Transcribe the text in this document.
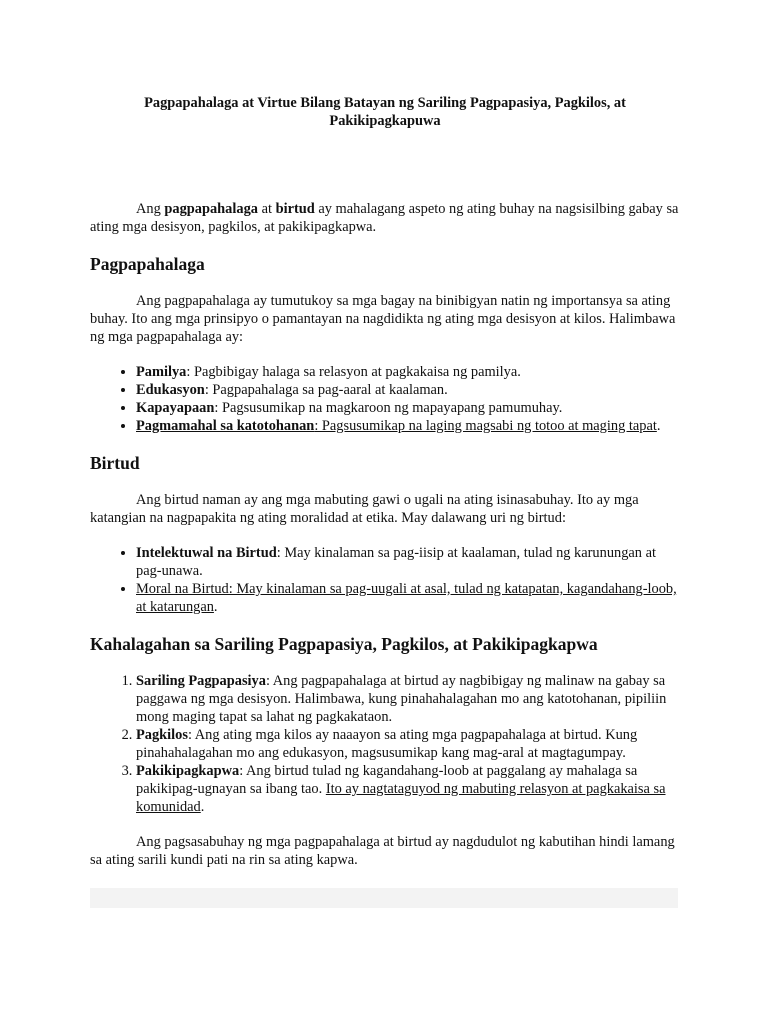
Pagpapahalaga at Virtue Bilang Batayan ng Sariling Pagpapasiya, Pagkilos, at Pakikipagkapuwa

Ang pagpapahalaga at birtud ay mahalagang aspeto ng ating buhay na nagsisilbing gabay sa ating mga desisyon, pagkilos, at pakikipagkapwa.

Pagpapahalaga

Ang pagpapahalaga ay tumutukoy sa mga bagay na binibigyan natin ng importansya sa ating buhay. Ito ang mga prinsipyo o pamantayan na nagdidikta ng ating mga desisyon at kilos. Halimbawa ng mga pagpapahalaga ay:

• Pamilya: Pagbibigay halaga sa relasyon at pagkakaisa ng pamilya.
• Edukasyon: Pagpapahalaga sa pag-aaral at kaalaman.
• Kapayapaan: Pagsusumikap na magkaroon ng mapayapang pamumuhay.
• Pagmamahal sa katotohanan: Pagsusumikap na laging magsabi ng totoo at maging tapat.
Birtud

Ang birtud naman ay ang mga mabuting gawi o ugali na ating isinasabuhay. Ito ay mga katangian na nagpapakita ng ating moralidad at etika. May dalawang uri ng birtud:

• Intelektuwal na Birtud: May kinalaman sa pag-iisip at kaalaman, tulad ng karunungan at pag-unawa.
• Moral na Birtud: May kinalaman sa pag-uugali at asal, tulad ng katapatan, kagandahang-loob, at katarungan.
Kahalagahan sa Sariling Pagpapasiya, Pagkilos, at Pakikipagkapwa
1. Sariling Pagpapasiya: Ang pagpapahalaga at birtud ay nagbibigay ng malinaw na gabay sa paggawa ng mga desisyon. Halimbawa, kung pinahahalagahan mo ang katotohanan, pipiliin mong maging tapat sa lahat ng pagkakataon.
2. Pagkilos: Ang ating mga kilos ay naaayon sa ating mga pagpapahalaga at birtud. Kung pinahahalagahan mo ang edukasyon, magsusumikap kang mag-aral at magtagumpay.
3. Pakikipagkapwa: Ang birtud tulad ng kagandahang-loob at paggalang ay mahalaga sa pakikipag-ugnayan sa ibang tao. Ito ay nagtataguyod ng mabuting relasyon at pagkakaisa sa komunidad.

Ang pagsasabuhay ng mga pagpapahalaga at birtud ay nagdudulot ng kabutihan hindi lamang sa ating sarili kundi pati na rin sa ating kapwa.
